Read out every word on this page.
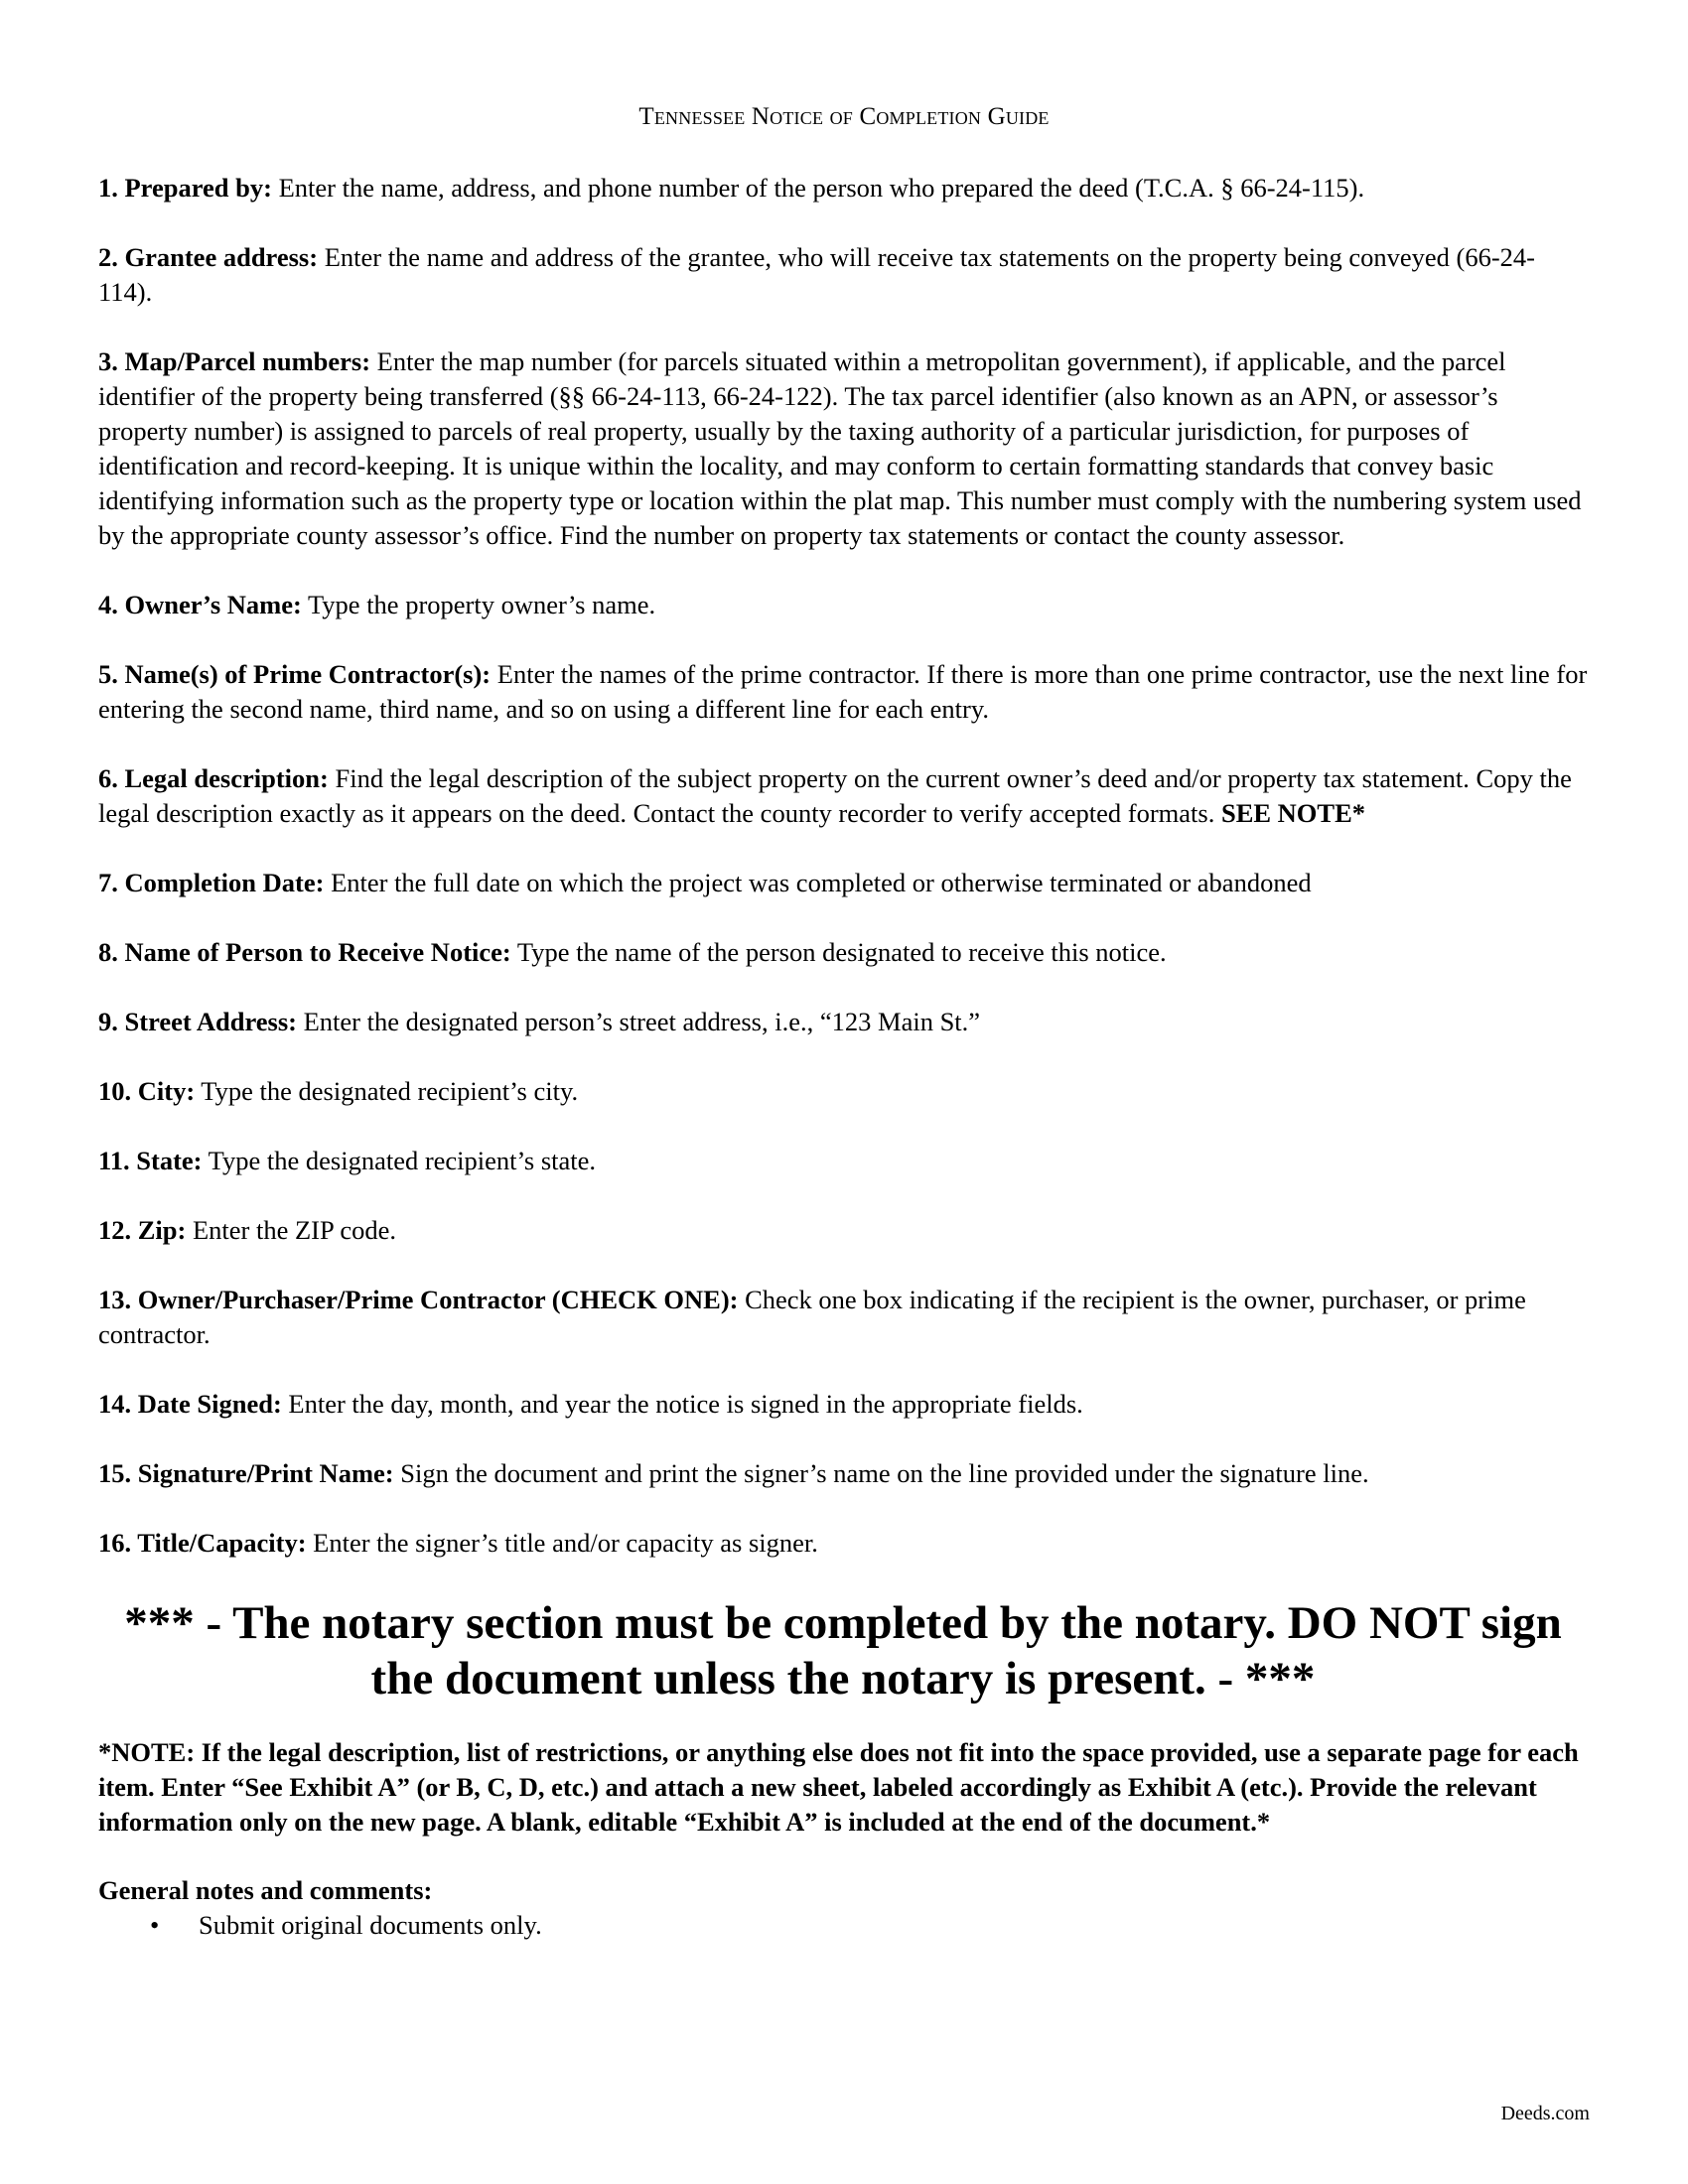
Tennessee Notice of Completion Guide
1. Prepared by: Enter the name, address, and phone number of the person who prepared the deed (T.C.A. § 66-24-115).
2. Grantee address: Enter the name and address of the grantee, who will receive tax statements on the property being conveyed (66-24-114).
3. Map/Parcel numbers: Enter the map number (for parcels situated within a metropolitan government), if applicable, and the parcel identifier of the property being transferred (§§ 66-24-113, 66-24-122). The tax parcel identifier (also known as an APN, or assessor’s property number) is assigned to parcels of real property, usually by the taxing authority of a particular jurisdiction, for purposes of identification and record-keeping. It is unique within the locality, and may conform to certain formatting standards that convey basic identifying information such as the property type or location within the plat map. This number must comply with the numbering system used by the appropriate county assessor’s office. Find the number on property tax statements or contact the county assessor.
4. Owner’s Name: Type the property owner’s name.
5. Name(s) of Prime Contractor(s): Enter the names of the prime contractor. If there is more than one prime contractor, use the next line for entering the second name, third name, and so on using a different line for each entry.
6. Legal description: Find the legal description of the subject property on the current owner’s deed and/or property tax statement. Copy the legal description exactly as it appears on the deed. Contact the county recorder to verify accepted formats. SEE NOTE*
7. Completion Date: Enter the full date on which the project was completed or otherwise terminated or abandoned
8. Name of Person to Receive Notice: Type the name of the person designated to receive this notice.
9. Street Address: Enter the designated person’s street address, i.e., “123 Main St.”
10. City: Type the designated recipient’s city.
11. State: Type the designated recipient’s state.
12. Zip: Enter the ZIP code.
13. Owner/Purchaser/Prime Contractor (CHECK ONE): Check one box indicating if the recipient is the owner, purchaser, or prime contractor.
14. Date Signed: Enter the day, month, and year the notice is signed in the appropriate fields.
15. Signature/Print Name: Sign the document and print the signer’s name on the line provided under the signature line.
16. Title/Capacity: Enter the signer’s title and/or capacity as signer.
*** - The notary section must be completed by the notary. DO NOT sign the document unless the notary is present. - ***
*NOTE: If the legal description, list of restrictions, or anything else does not fit into the space provided, use a separate page for each item. Enter “See Exhibit A” (or B, C, D, etc.) and attach a new sheet, labeled accordingly as Exhibit A (etc.). Provide the relevant information only on the new page. A blank, editable “Exhibit A” is included at the end of the document.*
General notes and comments:
• Submit original documents only.
Deeds.com
